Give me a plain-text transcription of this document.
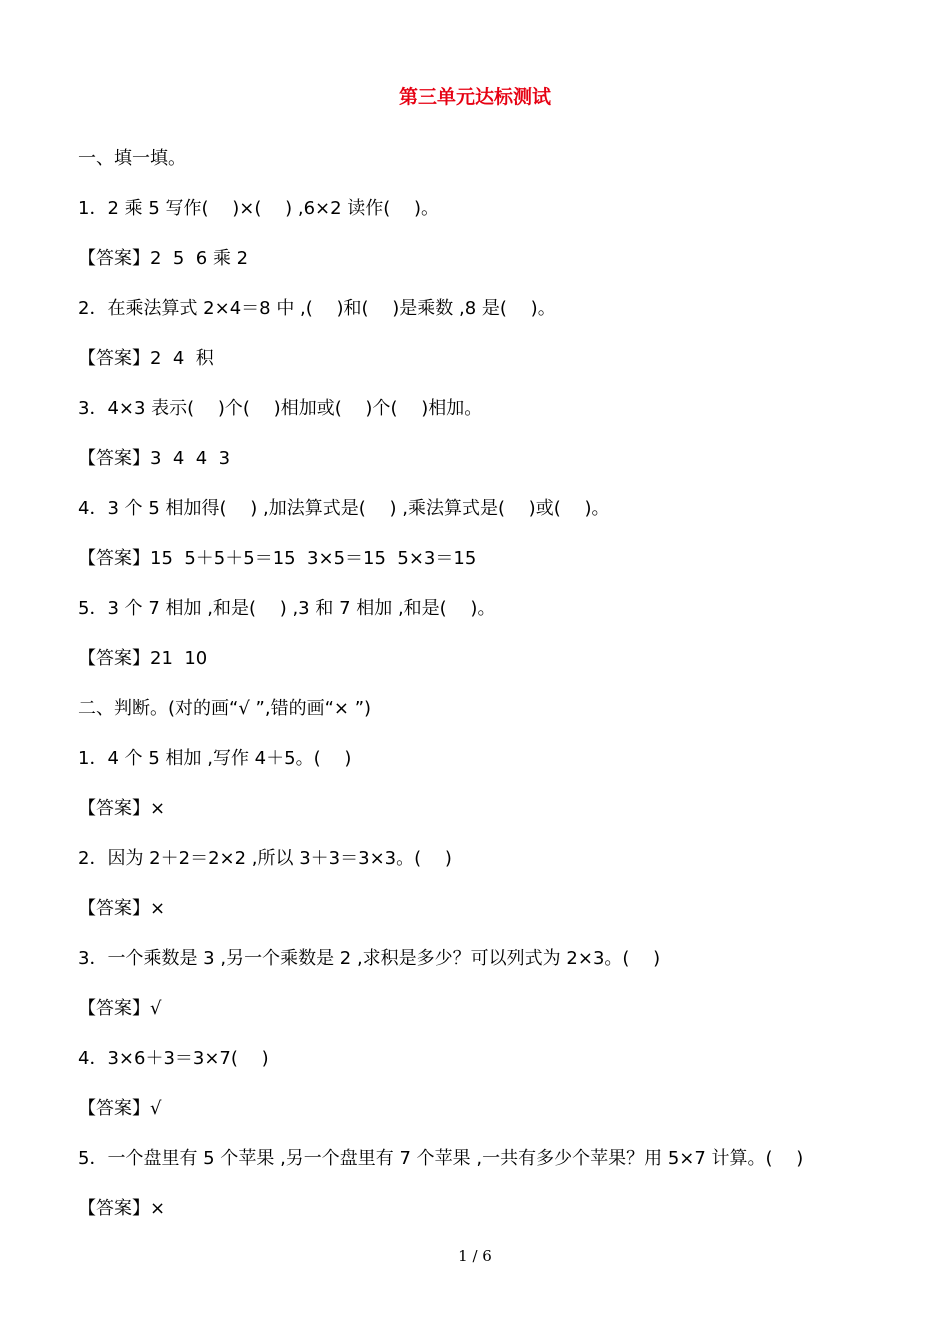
第三单元达标测试
一、填一填。
1．2 乘 5 写作(　 )×(　 ) ,6×2 读作(　 )。
【答案】2  5  6 乘 2
2．在乘法算式 2×4＝8 中 ,(　 )和(　 )是乘数 ,8 是(　 )。
【答案】2  4  积
3．4×3 表示(　 )个(　 )相加或(　 )个(　 )相加。
【答案】3  4  4  3
4．3 个 5 相加得(　 ) ,加法算式是(　 ) ,乘法算式是(　 )或(　 )。
【答案】15  5＋5＋5＝15  3×5＝15  5×3＝15
5．3 个 7 相加 ,和是(　 ) ,3 和 7 相加 ,和是(　 )。
【答案】21  10
二、判断。(对的画“√ ”,错的画“× ”)
1．4 个 5 相加 ,写作 4＋5。(　 )
【答案】×
2．因为 2＋2＝2×2 ,所以 3＋3＝3×3。(　 )
【答案】×
3．一个乘数是 3 ,另一个乘数是 2 ,求积是多少？可以列式为 2×3。(　 )
【答案】√
4．3×6＋3＝3×7(　 )
【答案】√
5．一个盘里有 5 个苹果 ,另一个盘里有 7 个苹果 ,一共有多少个苹果？用 5×7 计算。(　 )
【答案】×
1 / 6
